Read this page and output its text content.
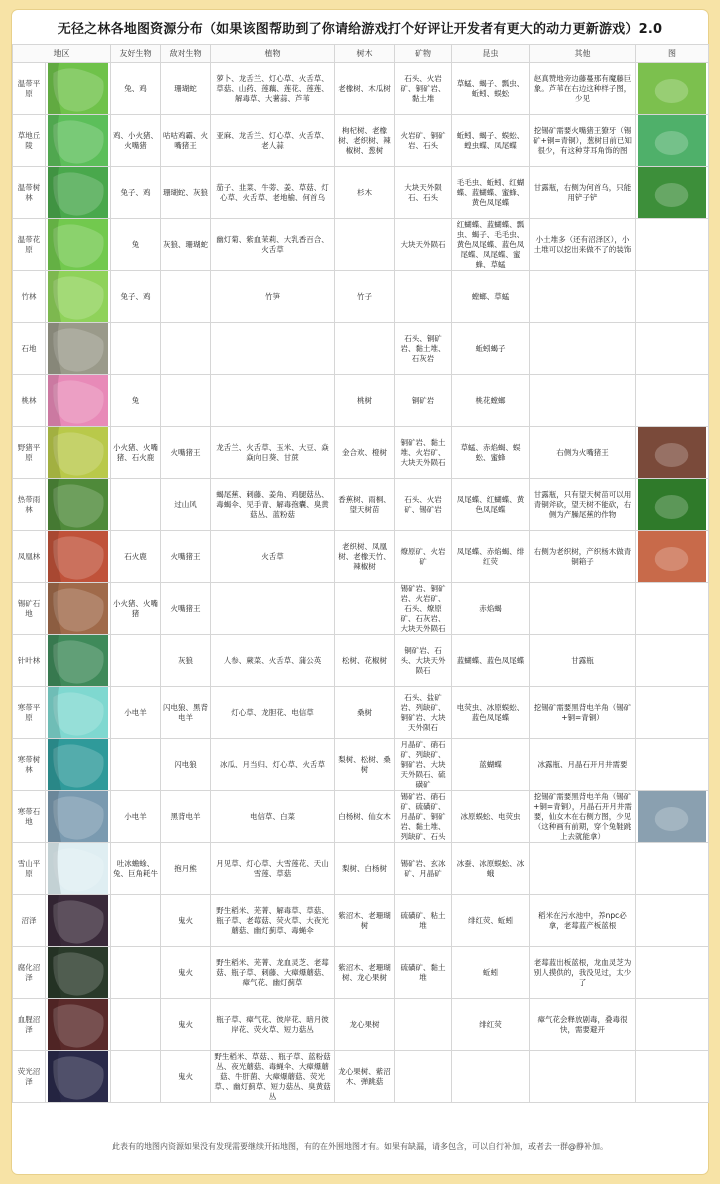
无径之林各地图资源分布（如果该图帮助到了你请给游戏打个好评让开发者有更大的动力更新游戏）2.0
地区		友好生物	敌对生物	植物	树木	矿物	昆虫	其他	图
温带平原		兔、鸡	珊瑚蛇	萝卜、龙舌兰、灯心草、火舌草、草菇、山药、莲藕、莲花、莲莲、解毒草、大薯蒜、芦苇	老橡树、木瓜树	石头、火岩矿、铜矿岩、黏土堆	草蜢、蝎子、瓢虫、蚯蚓、蜈蚣	赵真赞地旁边藤蔓那有魔藤巨象。芦苇在右边这种样子图，少见	

草地丘陵		鸡、小火猪、火嘴猪	咕咕鸡霸、火嘴猪王	亚麻、龙舌兰、灯心草、火舌草、老人蒜	枸杞树、老橡树、老织树、辣椒树、葱树	火岩矿、铜矿岩、石头	蚯蚓、蝎子、蜈蚣、蝗虫蝶、凤尾蝶	挖锡矿需要火嘴猪王獠牙（锡矿+铜=青铜），葱树目前已知很少，有这种芽耳角饰的图	

温带树林		兔子、鸡	珊瑚蛇、灰狼	茄子、韭菜、牛蒡、姜、草菇、灯心草、火舌草、老地榆、何首乌	杉木	大块天外陨石、石头	毛毛虫、蚯蚓、红蝴蝶、蓝蝴蝶、蜜蜂、黄色凤尾蝶	甘露瓶，右侧为何首乌，只能用铲子铲	

温带花原		兔	灰狼、珊瑚蛇	幽灯菊、紫血茉莉、大乳香百合、火舌草		大块天外陨石	红蝴蝶、蓝蝴蝶、瓢虫、蝎子、毛毛虫、黄色凤尾蝶、蓝色凤尾蝶、凤尾蝶、蜜蜂、草蜢	小土堆多（还有沼泽区），小土堆可以挖出来做不了的装饰	
竹林		兔子、鸡		竹笋	竹子		螳螂、草蜢		
石地						石头、铜矿岩、黏土堆、石灰岩	蚯蚓蝎子		
桃林		兔			桃树	铜矿岩	桃花螳螂		
野猪平原		小火猪、火嘴猪、石火鹿	火嘴猪王	龙舌兰、火舌草、玉米、大豆、焱焱向日葵、甘蔗	金合欢、橙树	铜矿岩、黏土堆、火岩矿、大块天外陨石	草蜢、赤焰蝎、蜈蚣、蜜蜂	右侧为火嘴猪王	

热带雨林			过山风	蝎尾蕉、刺藤、姜角、鸡腿菇丛、毒蝎伞、见手青、解毒孢囊、臭黄菇丛、蓝粉菇	香蕉树、雨桐、望天树苗	石头、火岩矿、锡矿岩	凤尾蝶、红蝴蝶、黄色凤尾蝶	甘露瓶，只有望天树苗可以用青铜斧砍，望天树不能砍，右侧为产臊尾蕉的作物	

凤凰林		石火鹿	火嘴猪王	火舌草	老织树、凤凰树、老橡天竹、辣椒树	燎原矿、火岩矿	凤尾蝶、赤焰蝎、绯红荧	右侧为老织树，产织杨木做青铜箱子	

锡矿石地		小火猪、火嘴猪	火嘴猪王			锡矿岩、铜矿岩、火岩矿、石头、燎原矿、石灰岩、大块天外陨石	赤焰蝎		
针叶林			灰狼	人参、蕨菜、火舌草、蒲公英	松树、花椒树	铜矿岩、石头、大块天外陨石	蓝蝴蝶、蓝色凤尾蝶	甘露瓶	
寒带平原		小电羊	闪电狼、黑背电羊	灯心草、龙胆花、电信草	桑树	石头、盐矿岩、列缺矿、铜矿岩、大块天外陨石	电荧虫、冰原蜈蚣、蓝色凤尾蝶	挖锡矿需要黑背电羊角（锡矿+铜=青铜）	
寒带树林			闪电狼	冰瓜、月当归、灯心草、火舌草	梨树、松树、桑树	月晶矿、硝石矿、列缺矿、铜矿岩、大块天外陨石、硫磺矿	蓝蝴蝶	冰露瓶、月晶石开月井需要	
寒带石地		小电羊	黑背电羊	电信草、白菜	白杨树、仙女木	锡矿岩、硝石矿、硫磺矿、月晶矿、铜矿岩、黏土堆、列缺矿、石头	冰原蜈蚣、电荧虫	挖锡矿需要黑背电羊角（锡矿+铜=青铜），月晶石开月井需要，仙女木在右侧方图，少见（这种画有前期，穿个兔鞋跳上去就能拿）	

雪山平原		吐冰蟾蜍、兔、巨角耗牛	抱月熊	月见草、灯心草、大雪莲花、天山雪莲、草菇	梨树、白杨树	锡矿岩、玄冰矿、月晶矿	冰蚕、冰原蜈蚣、冰蛾		
沼泽			鬼火	野生稻米、芜菁、解毒草、草菇、瓶子草、老莓菇、荧火草、大夜光蘑菇、幽灯蓟草、毒蝇伞	紫沼木、老珊瑚树	硫磺矿、粘土堆	绯红荧、蚯蚓	稻米在污水池中，养npc必拿，老莓蓝产板蓝根	
腐化沼泽			鬼火	野生稻米、芜菁、龙血灵芝、老莓菇、瓶子草、刺藤、大瘴爆蘑菇、瘴气花、幽灯蓟草	紫沼木、老珊瑚树、龙心果树	硫磺矿、黏土堆	蚯蚓	老莓蓝出板蓝根，龙血灵芝为别人摸供的，我没见过，太少了	
血腥沼泽			鬼火	瓶子草、瘴气花、彼岸花、暗月彼岸花、荧火草、短力菇丛	龙心果树		绯红荧	瘴气花会释放剧毒，叠毒很快，需要避开	
荧光沼泽			鬼火	野生稻米、草菇、、瓶子草、蓝粉菇丛、夜光蘑菇、毒蝇伞、大瘴爆蘑菇、牛肝菌、大瘴爆蘑菇、荧光草、、幽灯蓟草、短力菇丛、臭黄菇丛	龙心果树、紫沼木、弹跳菇				
此表有的地图内资源如果没有发现需要继续开拓地图，有的在外围地图才有。如果有缺漏，请多包含，可以自行补加，或者去一群@静补加。
